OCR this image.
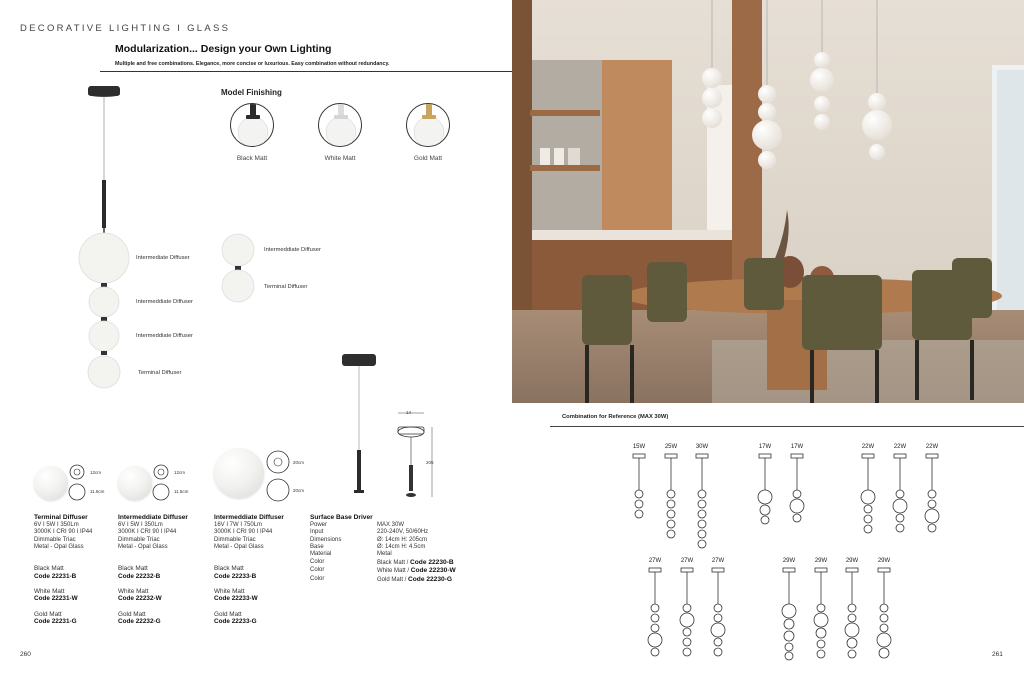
DECORATIVE LIGHTING I GLASS
Modularization... Design your Own Lighting
Multiple and free combinations. Elegance, more concise or luxurious. Easy combination without redundancy.
Model Finishing
Black Matt	White Matt	Gold Matt
Intermediate Diffuser
Intermeddiate Diffuser
Intermeddiate Diffuser
Terminal Diffuser
Intermeddiate Diffuser
Terminal Diffuser
14
205
12cm
11.5cm
12cm
11.5cm
20cm
20cm
Terminal Diffuser
6V I 5W I 350Lm
3000K I CRI 90 I IP44
Dimmable Triac
Metal - Opal Glass
Black Matt
Code 22231-B

White Matt
Code 22231-W

Gold Matt
Code 22231-G
Intermeddiate Diffuser
6V I 5W I 350Lm
3000K I CRI 90 I IP44
Dimmable Triac
Metal - Opal Glass
Black Matt
Code 22232-B

White Matt
Code 22232-W

Gold Matt
Code 22232-G
Intermeddiate Diffuser
16V I 7W I 750Lm
3000K I CRI 90 I IP44
Dimmable Triac
Metal - Opal Glass
Black Matt
Code 22233-B

White Matt
Code 22233-W

Gold Matt
Code 22233-G
Surface Base Driver
Power	MAX 30W
Input	220-240V, 50/60Hz
Dimensions	Ø: 14cm H: 205cm
Base	Ø: 14cm H: 4.5cm
Material	Metal
Color	Black Matt / Code 22230-B
Color	White Matt / Code 22230-W
Color	Gold Matt / Code 22230-G
260
Combination for Reference (MAX 30W)
15W	25W	30W	17W	17W	22W	22W	22W
27W	27W	27W	29W	29W	29W	29W
261
